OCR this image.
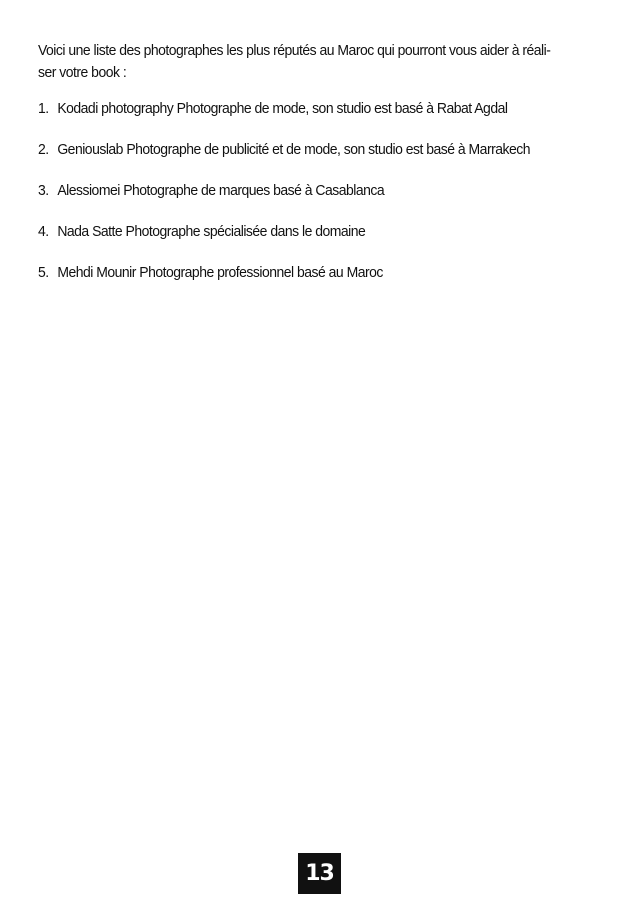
Voici une liste des photographes les plus réputés au Maroc qui pourront vous aider à réali-
ser votre book :

1. Kodadi photography Photographe de mode, son studio est basé à Rabat Agdal
2. Geniouslab Photographe de publicité et de mode, son studio est basé à Marrakech
3. Alessiomei Photographe de marques basé à Casablanca
4. Nada Satte Photographe spécialisée dans le domaine
5. Mehdi Mounir Photographe professionnel basé au Maroc
13
